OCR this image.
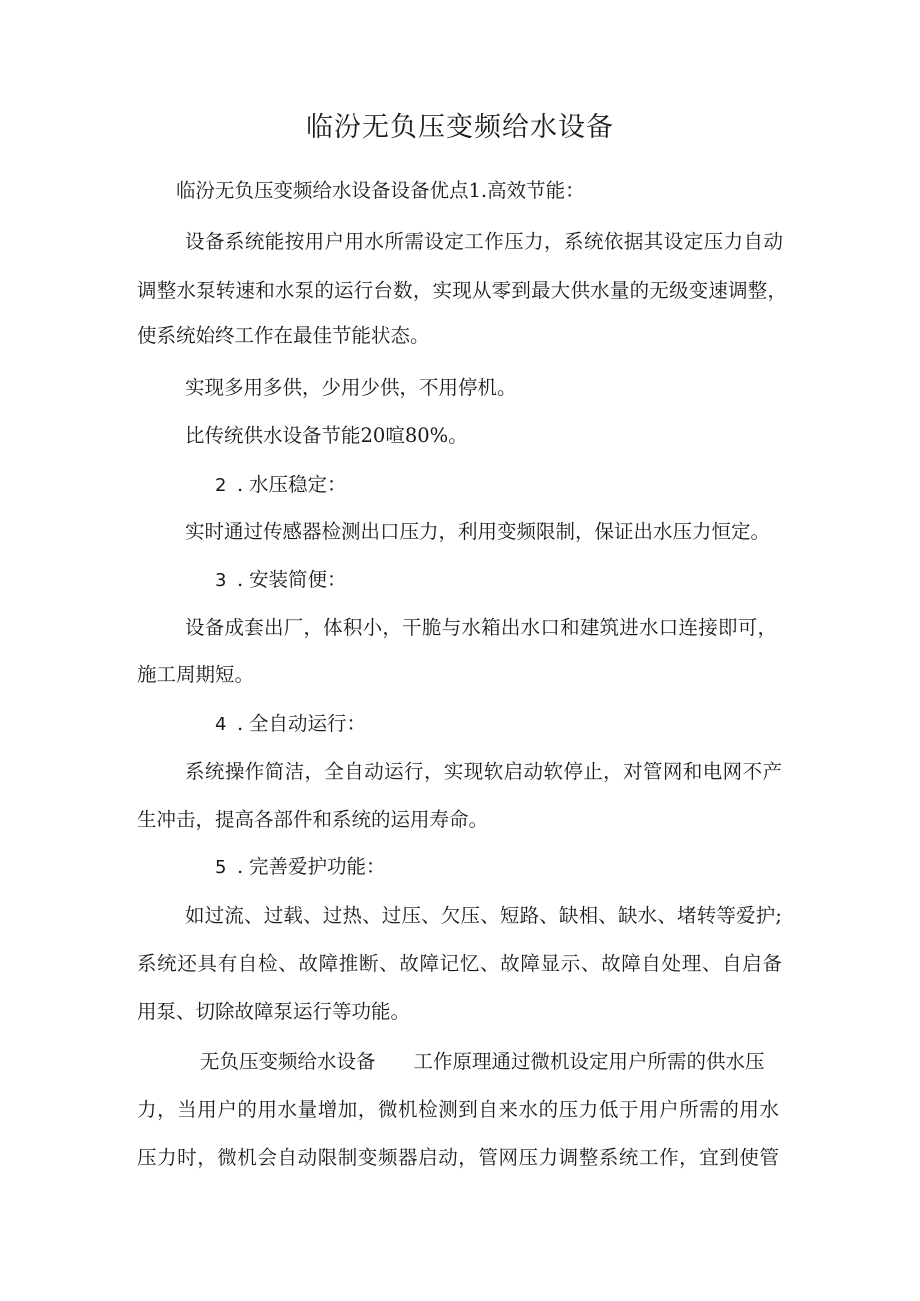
临汾无负压变频给水设备
临汾无负压变频给水设备设备优点1.高效节能：
设备系统能按用户用水所需设定工作压力，系统依据其设定压力自动
调整水泵转速和水泵的运行台数，实现从零到最大供水量的无级变速调整，
使系统始终工作在最佳节能状态。
实现多用多供，少用少供，不用停机。
比传统供水设备节能20喧80%。
2 . 水压稳定：
实时通过传感器检测出口压力，利用变频限制，保证出水压力恒定。
3 . 安装简便：
设备成套出厂，体积小，干脆与水箱出水口和建筑进水口连接即可，
施工周期短。
4 . 全自动运行：
系统操作简洁，全自动运行，实现软启动软停止，对管网和电网不产
生冲击，提高各部件和系统的运用寿命。
5 . 完善爱护功能：
如过流、过载、过热、过压、欠压、短路、缺相、缺水、堵转等爱护;
系统还具有自检、故障推断、故障记忆、故障显示、故障自处理、自启备
用泵、切除故障泵运行等功能。
无负压变频给水设备 工作原理通过微机设定用户所需的供水压
力，当用户的用水量增加，微机检测到自来水的压力低于用户所需的用水
压力时，微机会自动限制变频器启动，管网压力调整系统工作，宜到使管
